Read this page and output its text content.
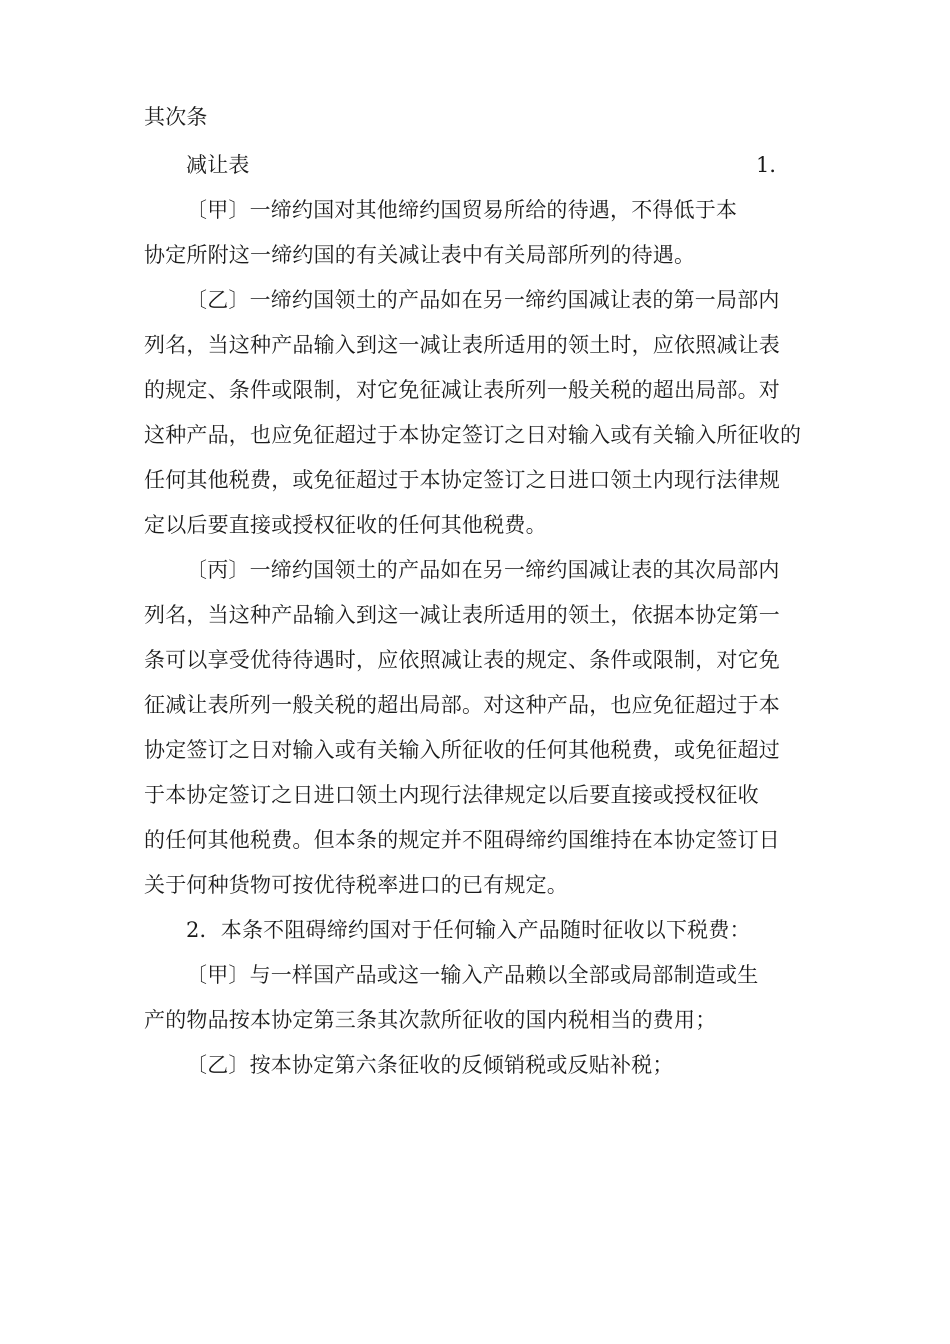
其次条
减让表	1．
〔甲〕一缔约国对其他缔约国贸易所给的待遇，不得低于本
协定所附这一缔约国的有关减让表中有关局部所列的待遇。
〔乙〕一缔约国领土的产品如在另一缔约国减让表的第一局部内
列名，当这种产品输入到这一减让表所适用的领土时，应依照减让表
的规定、条件或限制，对它免征减让表所列一般关税的超出局部。对
这种产品，也应免征超过于本协定签订之日对输入或有关输入所征收的
任何其他税费，或免征超过于本协定签订之日进口领土内现行法律规
定以后要直接或授权征收的任何其他税费。
〔丙〕一缔约国领土的产品如在另一缔约国减让表的其次局部内
列名，当这种产品输入到这一减让表所适用的领土，依据本协定第一
条可以享受优待待遇时，应依照减让表的规定、条件或限制，对它免
征减让表所列一般关税的超出局部。对这种产品，也应免征超过于本
协定签订之日对输入或有关输入所征收的任何其他税费，或免征超过
于本协定签订之日进口领土内现行法律规定以后要直接或授权征收
的任何其他税费。但本条的规定并不阻碍缔约国维持在本协定签订日
关于何种货物可按优待税率进口的已有规定。
2．本条不阻碍缔约国对于任何输入产品随时征收以下税费：
〔甲〕与一样国产品或这一输入产品赖以全部或局部制造或生
产的物品按本协定第三条其次款所征收的国内税相当的费用；
〔乙〕按本协定第六条征收的反倾销税或反贴补税；
